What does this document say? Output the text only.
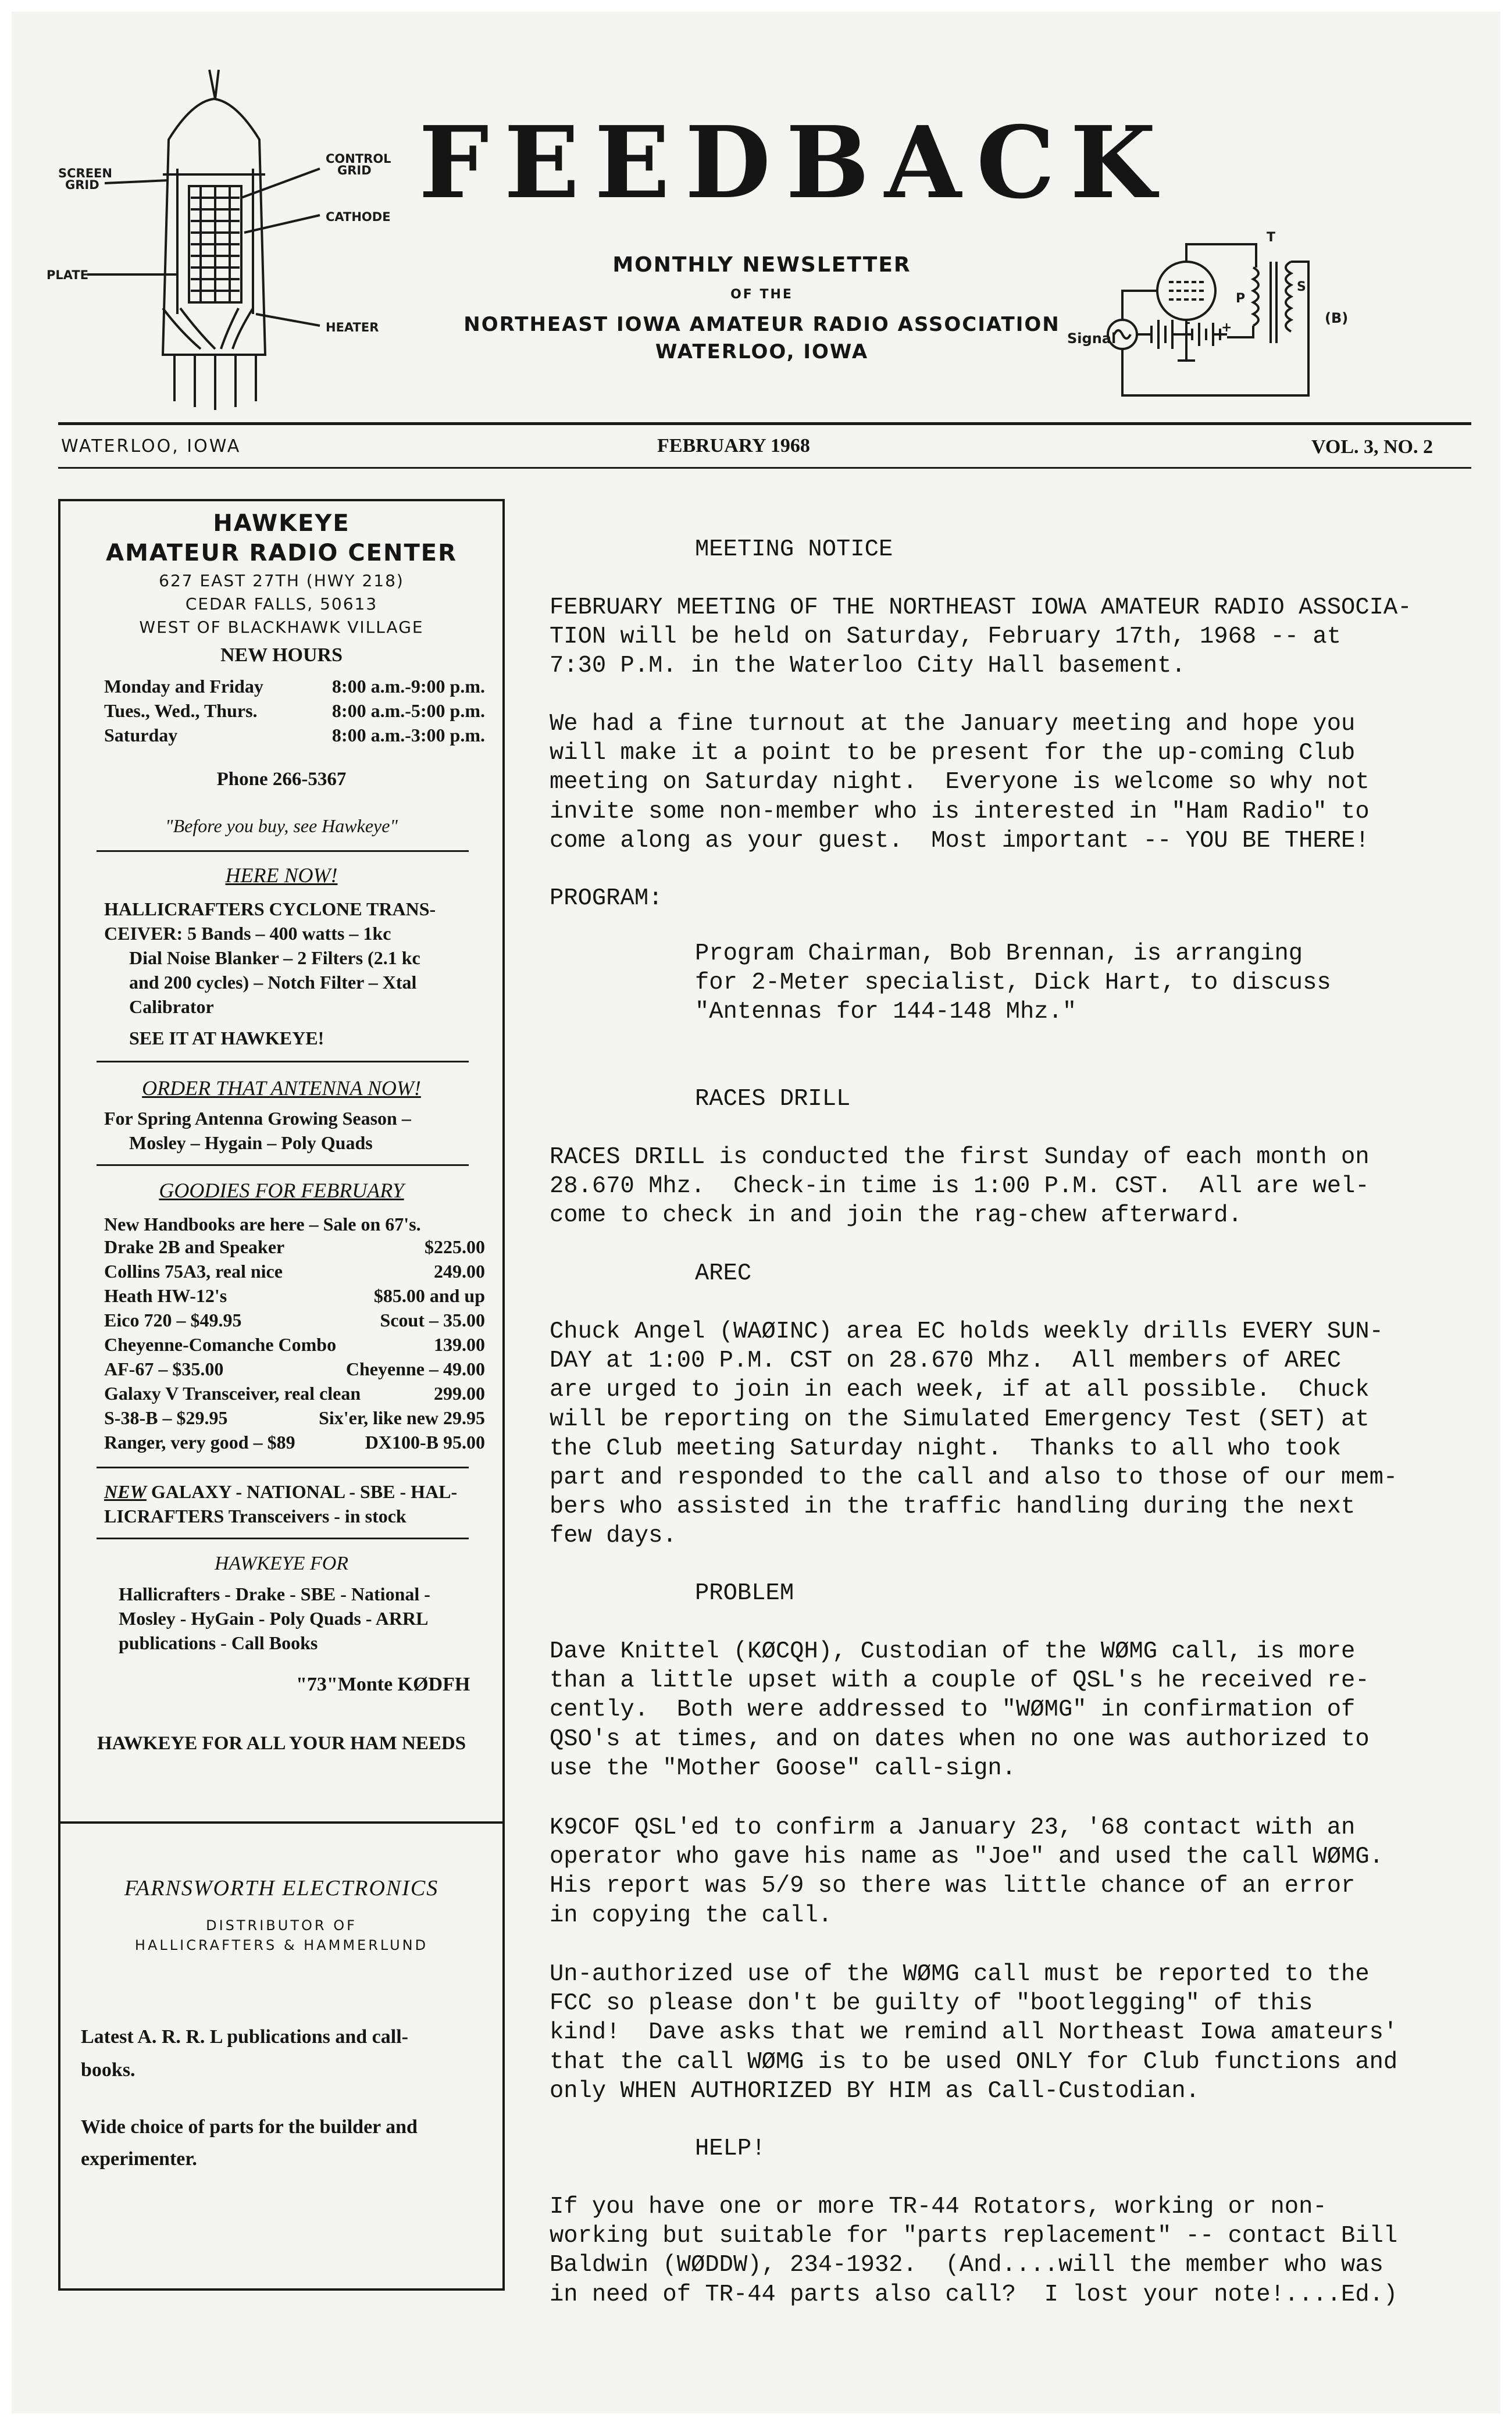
SCREEN
GRID
CONTROL
GRID
CATHODE
PLATE
HEATER
FEEDBACK
MONTHLY NEWSLETTER
OF THE
NORTHEAST IOWA AMATEUR RADIO ASSOCIATION
WATERLOO, IOWA
Signal
T
P
S
(B)
+
-
WATERLOO, IOWA	FEBRUARY 1968	VOL. 3, NO. 2
HAWKEYE
AMATEUR RADIO CENTER
627 EAST 27TH (HWY 218)
CEDAR FALLS, 50613
WEST OF BLACKHAWK VILLAGE
NEW HOURS
Monday and Friday	8:00 a.m.-9:00 p.m.
Tues., Wed., Thurs.	8:00 a.m.-5:00 p.m.
Saturday	8:00 a.m.-3:00 p.m.
Phone 266-5367
"Before you buy, see Hawkeye"
HERE NOW!
HALLICRAFTERS CYCLONE TRANS-
CEIVER: 5 Bands – 400 watts – 1kc
Dial Noise Blanker – 2 Filters (2.1 kc
and 200 cycles) – Notch Filter – Xtal
Calibrator
SEE IT AT HAWKEYE!
ORDER THAT ANTENNA NOW!
For Spring Antenna Growing Season –
Mosley – Hygain – Poly Quads
GOODIES FOR FEBRUARY
New Handbooks are here – Sale on 67's.
Drake 2B and Speaker	$225.00
Collins 75A3, real nice	249.00
Heath HW-12's	$85.00 and up
Eico 720 – $49.95	Scout – 35.00
Cheyenne-Comanche Combo	139.00
AF-67 – $35.00	Cheyenne – 49.00
Galaxy V Transceiver, real clean	299.00
S-38-B – $29.95	Six'er, like new 29.95
Ranger, very good – $89	DX100-B 95.00
NEW GALAXY - NATIONAL - SBE - HAL-
LICRAFTERS Transceivers - in stock
HAWKEYE FOR
Hallicrafters - Drake - SBE - National -
Mosley - HyGain - Poly Quads - ARRL
publications - Call Books
"73"Monte KØDFH
HAWKEYE FOR ALL YOUR HAM NEEDS
FARNSWORTH ELECTRONICS
DISTRIBUTOR OF
HALLICRAFTERS & HAMMERLUND
Latest A. R. R. L publications and call-
books.
Wide choice of parts for the builder and
experimenter.
MEETING NOTICE
FEBRUARY MEETING OF THE NORTHEAST IOWA AMATEUR RADIO ASSOCIA-
TION will be held on Saturday, February 17th, 1968 -- at
7:30 P.M. in the Waterloo City Hall basement.
We had a fine turnout at the January meeting and hope you
will make it a point to be present for the up-coming Club
meeting on Saturday night.  Everyone is welcome so why not
invite some non-member who is interested in "Ham Radio" to
come along as your guest.  Most important -- YOU BE THERE!
PROGRAM:
Program Chairman, Bob Brennan, is arranging
for 2-Meter specialist, Dick Hart, to discuss
"Antennas for 144-148 Mhz."
RACES DRILL
RACES DRILL is conducted the first Sunday of each month on
28.670 Mhz.  Check-in time is 1:00 P.M. CST.  All are wel-
come to check in and join the rag-chew afterward.
AREC
Chuck Angel (WAØINC) area EC holds weekly drills EVERY SUN-
DAY at 1:00 P.M. CST on 28.670 Mhz.  All members of AREC
are urged to join in each week, if at all possible.  Chuck
will be reporting on the Simulated Emergency Test (SET) at
the Club meeting Saturday night.  Thanks to all who took
part and responded to the call and also to those of our mem-
bers who assisted in the traffic handling during the next
few days.
PROBLEM
Dave Knittel (KØCQH), Custodian of the WØMG call, is more
than a little upset with a couple of QSL's he received re-
cently.  Both were addressed to "WØMG" in confirmation of
QSO's at times, and on dates when no one was authorized to
use the "Mother Goose" call-sign.
K9COF QSL'ed to confirm a January 23, '68 contact with an
operator who gave his name as "Joe" and used the call WØMG.
His report was 5/9 so there was little chance of an error
in copying the call.
Un-authorized use of the WØMG call must be reported to the
FCC so please don't be guilty of "bootlegging" of this
kind!  Dave asks that we remind all Northeast Iowa amateurs'
that the call WØMG is to be used ONLY for Club functions and
only WHEN AUTHORIZED BY HIM as Call-Custodian.
HELP!
If you have one or more TR-44 Rotators, working or non-
working but suitable for "parts replacement" -- contact Bill
Baldwin (WØDDW), 234-1932.  (And....will the member who was
in need of TR-44 parts also call?  I lost your note!....Ed.)
